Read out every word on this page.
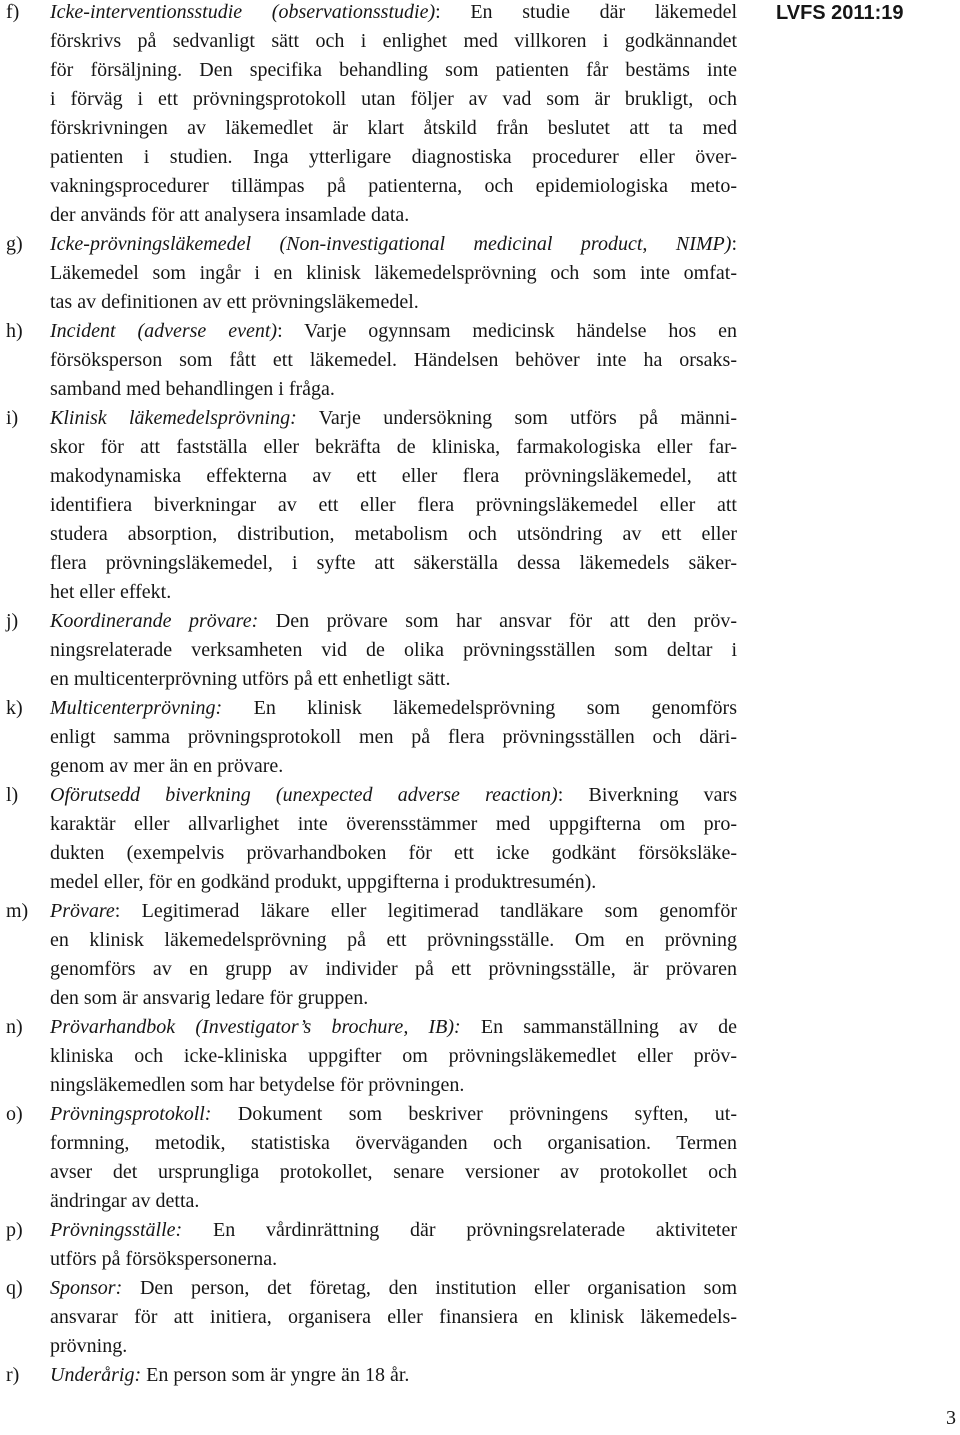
LVFS 2011:19
f) Icke-interventionsstudie (observationsstudie): En studie där läkemedel
förskrivs på sedvanligt sätt och i enlighet med villkoren i godkännandet
för försäljning. Den specifika behandling som patienten får bestäms inte
i förväg i ett prövningsprotokoll utan följer av vad som är brukligt, och
förskrivningen av läkemedlet är klart åtskild från beslutet att ta med
patienten i studien. Inga ytterligare diagnostiska procedurer eller över-
vakningsprocedurer tillämpas på patienterna, och epidemiologiska meto-
der används för att analysera insamlade data.
g) Icke-prövningsläkemedel (Non-investigational medicinal product, NIMP):
Läkemedel som ingår i en klinisk läkemedelsprövning och som inte omfat-
tas av definitionen av ett prövningsläkemedel.
h) Incident (adverse event): Varje ogynnsam medicinsk händelse hos en
försöksperson som fått ett läkemedel. Händelsen behöver inte ha orsaks-
samband med behandlingen i fråga.
i) Klinisk läkemedelsprövning: Varje undersökning som utförs på männi-
skor för att fastställa eller bekräfta de kliniska, farmakologiska eller far-
makodynamiska effekterna av ett eller flera prövningsläkemedel, att
identifiera biverkningar av ett eller flera prövningsläkemedel eller att
studera absorption, distribution, metabolism och utsöndring av ett eller
flera prövningsläkemedel, i syfte att säkerställa dessa läkemedels säker-
het eller effekt.
j) Koordinerande prövare: Den prövare som har ansvar för att den pröv-
ningsrelaterade verksamheten vid de olika prövningsställen som deltar i
en multicenterprövning utförs på ett enhetligt sätt.
k) Multicenterprövning: En klinisk läkemedelsprövning som genomförs
enligt samma prövningsprotokoll men på flera prövningsställen och däri-
genom av mer än en prövare.
l) Oförutsedd biverkning (unexpected adverse reaction): Biverkning vars
karaktär eller allvarlighet inte överensstämmer med uppgifterna om pro-
dukten (exempelvis prövarhandboken för ett icke godkänt försöksläke-
medel eller, för en godkänd produkt, uppgifterna i produktresumén).
m) Prövare: Legitimerad läkare eller legitimerad tandläkare som genomför
en klinisk läkemedelsprövning på ett prövningsställe. Om en prövning
genomförs av en grupp av individer på ett prövningsställe, är prövaren
den som är ansvarig ledare för gruppen.
n) Prövarhandbok (Investigator’s brochure, IB): En sammanställning av de
kliniska och icke-kliniska uppgifter om prövningsläkemedlet eller pröv-
ningsläkemedlen som har betydelse för prövningen.
o) Prövningsprotokoll: Dokument som beskriver prövningens syften, ut-
formning, metodik, statistiska överväganden och organisation. Termen
avser det ursprungliga protokollet, senare versioner av protokollet och
ändringar av detta.
p) Prövningsställe: En vårdinrättning där prövningsrelaterade aktiviteter
utförs på försökspersonerna.
q) Sponsor: Den person, det företag, den institution eller organisation som
ansvarar för att initiera, organisera eller finansiera en klinisk läkemedels-
prövning.
r) Underårig: En person som är yngre än 18 år.
3
